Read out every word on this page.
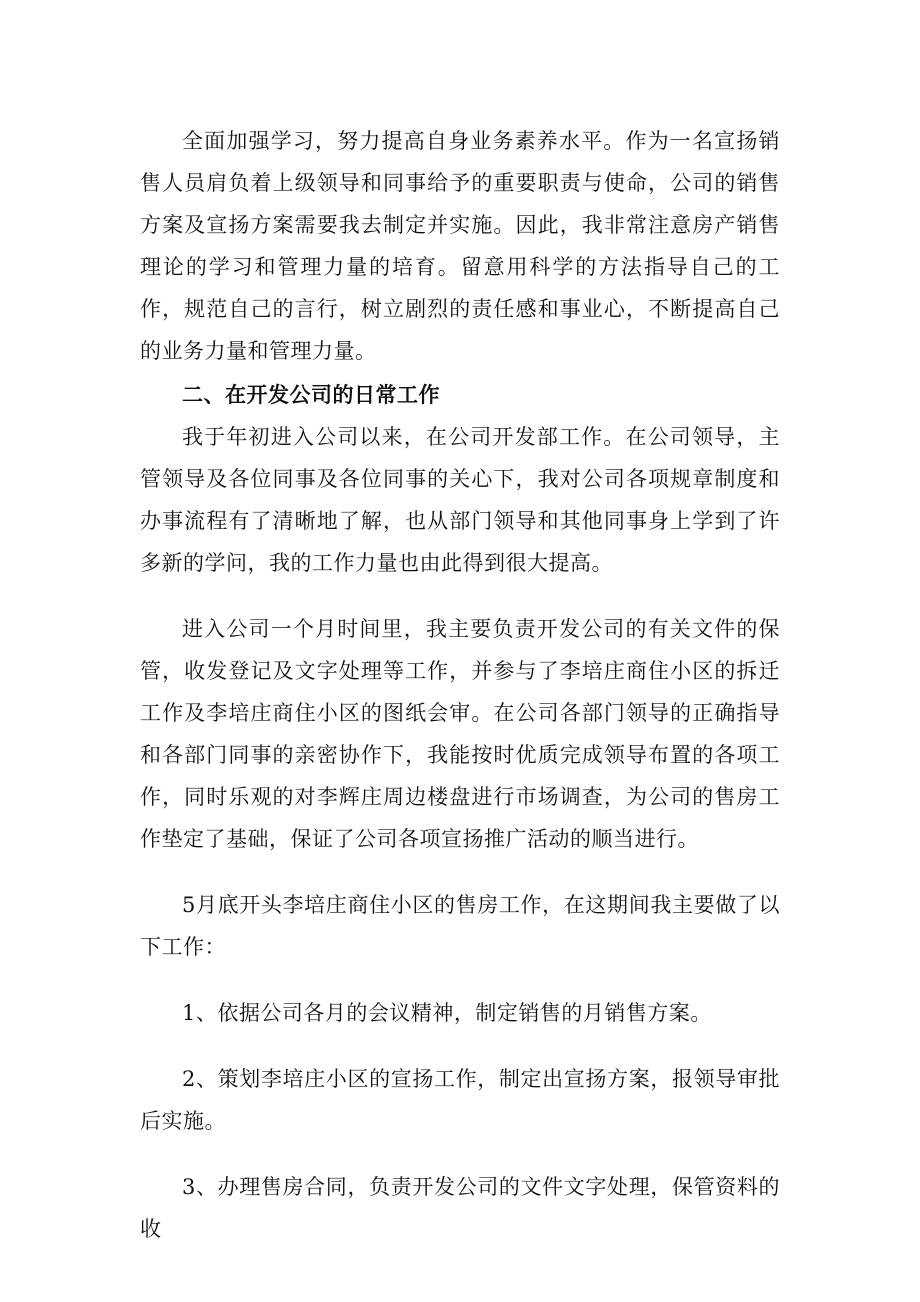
全面加强学习，努力提高自身业务素养水平。作为一名宣扬销售人员肩负着上级领导和同事给予的重要职责与使命，公司的销售方案及宣扬方案需要我去制定并实施。因此，我非常注意房产销售理论的学习和管理力量的培育。留意用科学的方法指导自己的工作，规范自己的言行，树立剧烈的责任感和事业心，不断提高自己的业务力量和管理力量。

二、在开发公司的日常工作

我于年初进入公司以来，在公司开发部工作。在公司领导，主管领导及各位同事及各位同事的关心下，我对公司各项规章制度和办事流程有了清晰地了解，也从部门领导和其他同事身上学到了许多新的学问，我的工作力量也由此得到很大提高。

进入公司一个月时间里，我主要负责开发公司的有关文件的保管，收发登记及文字处理等工作，并参与了李培庄商住小区的拆迁工作及李培庄商住小区的图纸会审。在公司各部门领导的正确指导和各部门同事的亲密协作下，我能按时优质完成领导布置的各项工作，同时乐观的对李辉庄周边楼盘进行市场调查，为公司的售房工作垫定了基础，保证了公司各项宣扬推广活动的顺当进行。

5月底开头李培庄商住小区的售房工作，在这期间我主要做了以下工作：

1、依据公司各月的会议精神，制定销售的月销售方案。

2、策划李培庄小区的宣扬工作，制定出宣扬方案，报领导审批后实施。

3、办理售房合同，负责开发公司的文件文字处理，保管资料的收
